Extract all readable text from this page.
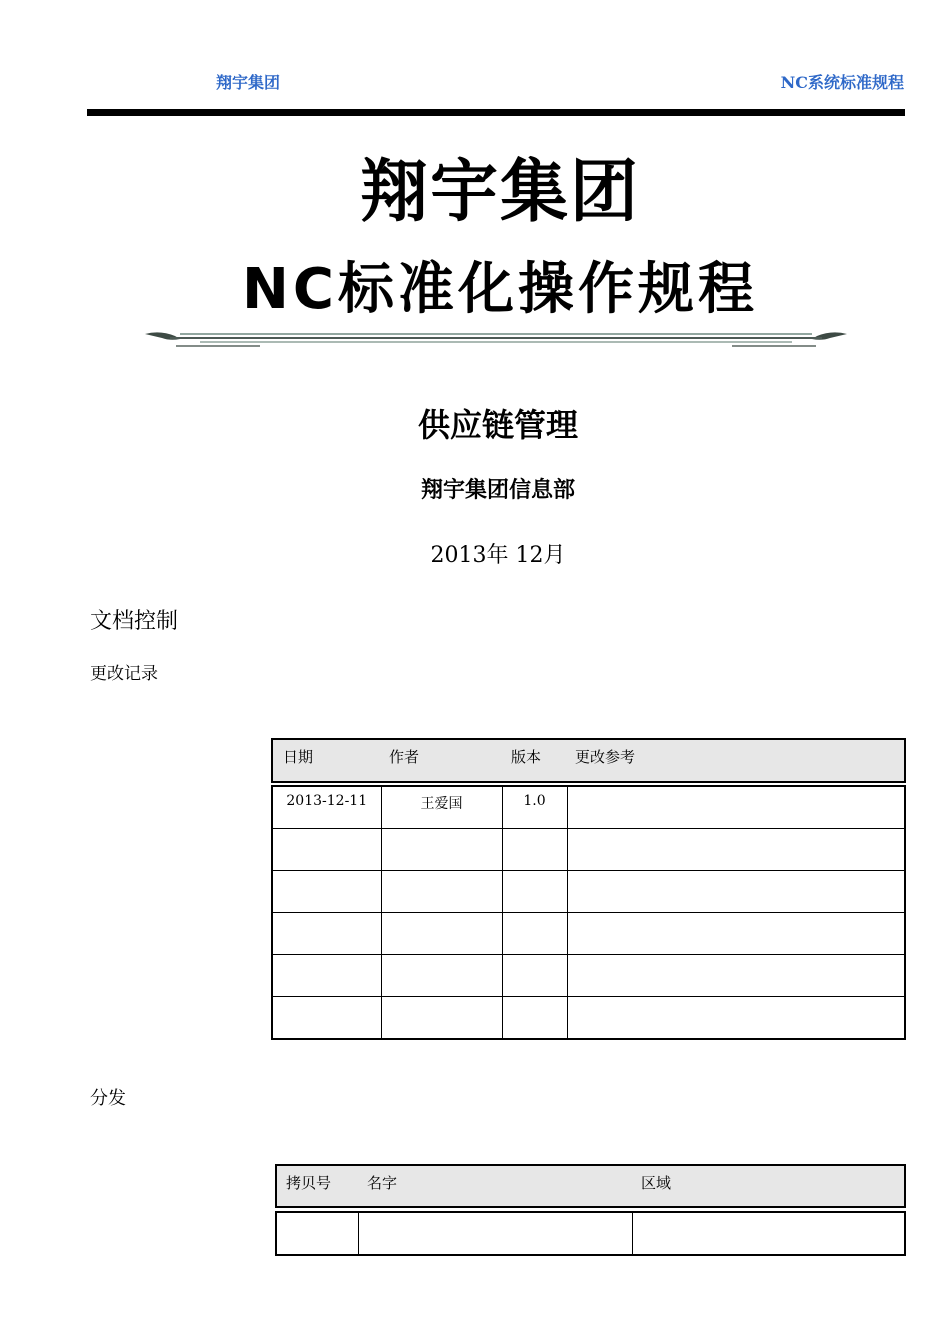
翔宇集团	NC系统标准规程
翔宇集团
NC标准化操作规程
供应链管理
翔宇集团信息部
2013年 12月
文档控制
更改记录
日期	作者	版本 更改参考
2013-12-11	王爱国	1.0	

分发
拷贝号 名字	区域
